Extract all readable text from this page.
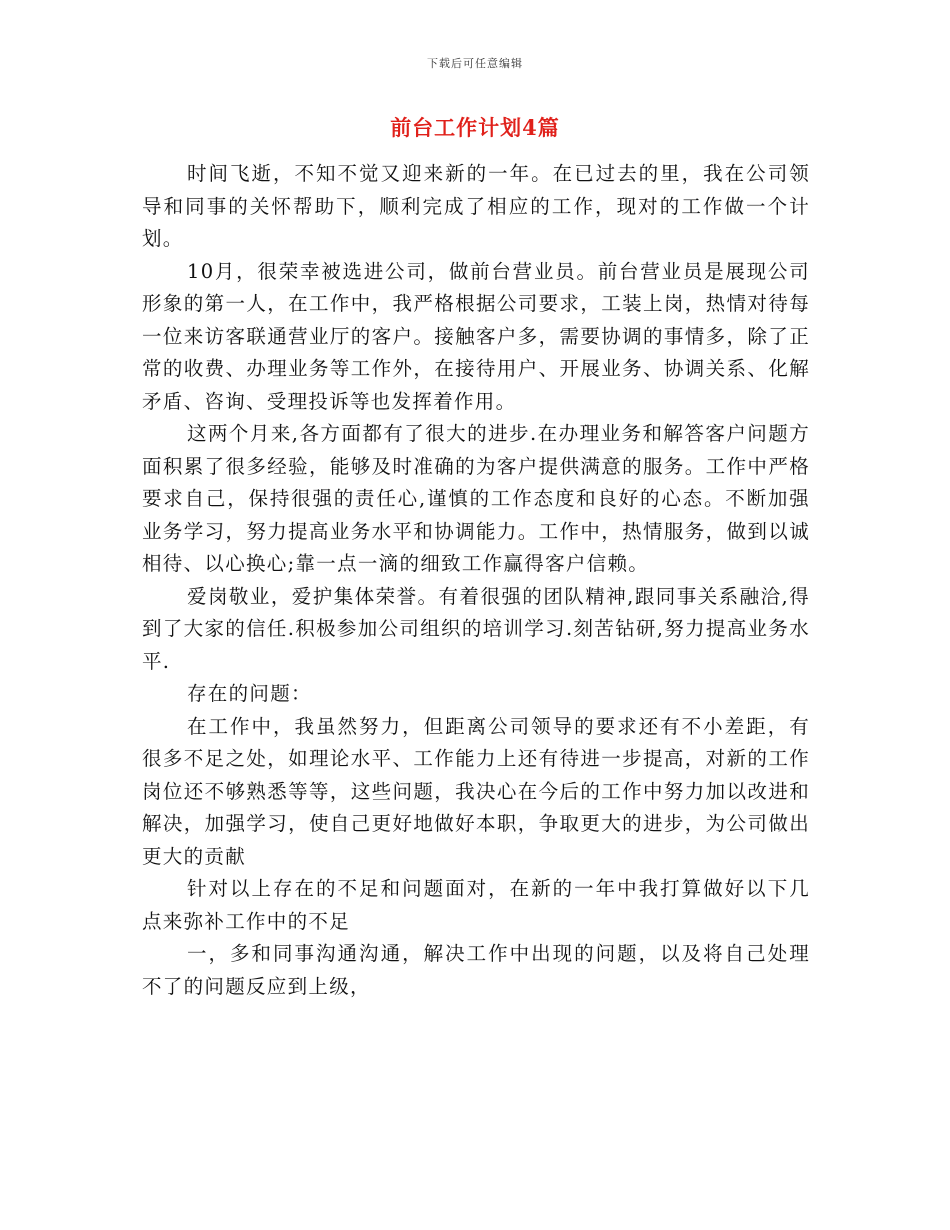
下载后可任意编辑
前台工作计划4篇

时间飞逝，不知不觉又迎来新的一年。在已过去的里，我在公司领导和同事的关怀帮助下，顺利完成了相应的工作，现对的工作做一个计划。

10月，很荣幸被选进公司，做前台营业员。前台营业员是展现公司形象的第一人，在工作中，我严格根据公司要求，工装上岗，热情对待每一位来访客联通营业厅的客户。接触客户多，需要协调的事情多，除了正常的收费、办理业务等工作外，在接待用户、开展业务、协调关系、化解矛盾、咨询、受理投诉等也发挥着作用。

这两个月来,各方面都有了很大的进步.在办理业务和解答客户问题方面积累了很多经验，能够及时准确的为客户提供满意的服务。工作中严格要求自己，保持很强的责任心,谨慎的工作态度和良好的心态。不断加强业务学习，努力提高业务水平和协调能力。工作中，热情服务，做到以诚相待、以心换心;靠一点一滴的细致工作赢得客户信赖。

爱岗敬业，爱护集体荣誉。有着很强的团队精神,跟同事关系融洽,得到了大家的信任.积极参加公司组织的培训学习.刻苦钻研,努力提高业务水平.

存在的问题：

在工作中，我虽然努力，但距离公司领导的要求还有不小差距，有很多不足之处，如理论水平、工作能力上还有待进一步提高，对新的工作岗位还不够熟悉等等，这些问题，我决心在今后的工作中努力加以改进和解决，加强学习，使自己更好地做好本职，争取更大的进步，为公司做出更大的贡献

针对以上存在的不足和问题面对，在新的一年中我打算做好以下几点来弥补工作中的不足

一，多和同事沟通沟通，解决工作中出现的问题，以及将自己处理不了的问题反应到上级，
